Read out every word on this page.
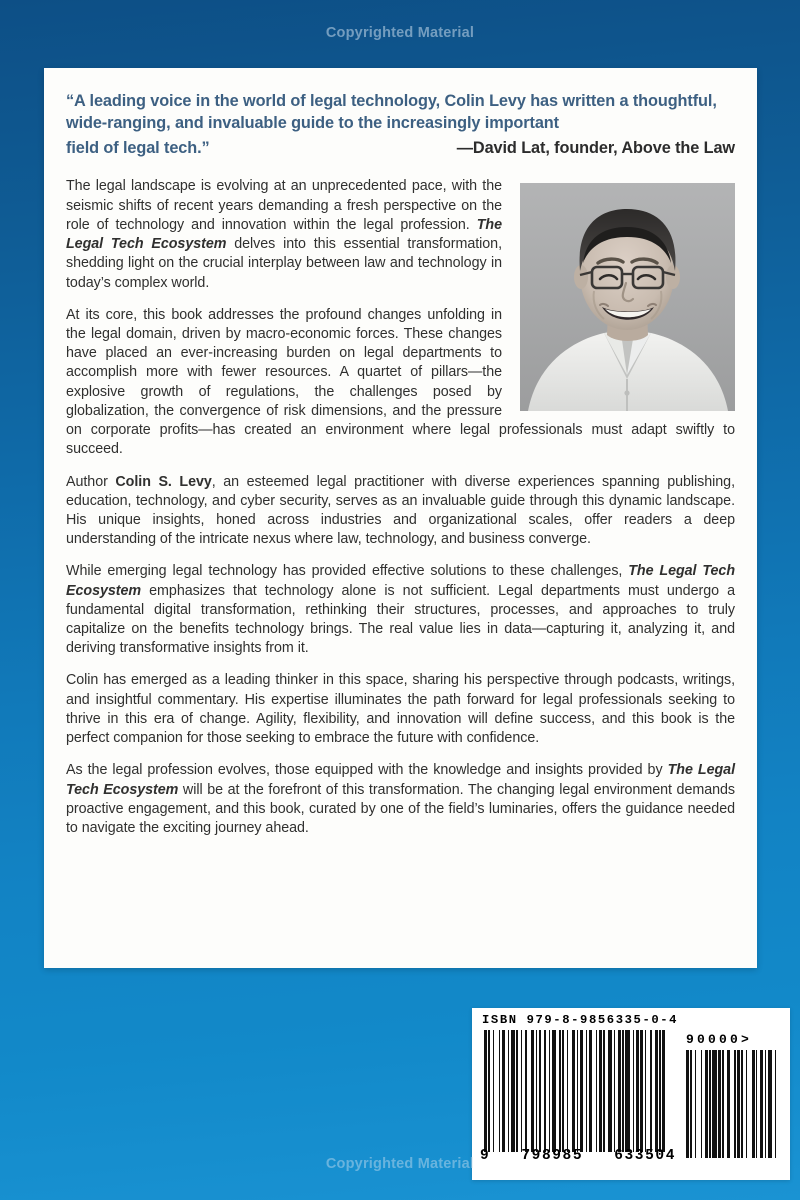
Copyrighted Material
“A leading voice in the world of legal technology, Colin Levy has written a thoughtful, wide-ranging, and invaluable guide to the increasingly important
field of legal tech.”	—David Lat, founder, Above the Law

The legal landscape is evolving at an unprecedented pace, with the seismic shifts of recent years demanding a fresh perspective on the role of technology and innovation within the legal profession. The Legal Tech Ecosystem delves into this essential transformation, shedding light on the crucial interplay between law and technology in today’s complex world.

At its core, this book addresses the profound changes unfolding in the legal domain, driven by macro-economic forces. These changes have placed an ever-increasing burden on legal departments to accomplish more with fewer resources. A quartet of pillars—the explosive growth of regulations, the challenges posed by globalization, the convergence of risk dimensions, and the pressure on corporate profits—has created an environment where legal professionals must adapt swiftly to succeed.

Author Colin S. Levy, an esteemed legal practitioner with diverse experiences spanning publishing, education, technology, and cyber security, serves as an invaluable guide through this dynamic landscape. His unique insights, honed across industries and organizational scales, offer readers a deep understanding of the intricate nexus where law, technology, and business converge.

While emerging legal technology has provided effective solutions to these challenges, The Legal Tech Ecosystem emphasizes that technology alone is not sufficient. Legal departments must undergo a fundamental digital transformation, rethinking their structures, processes, and approaches to truly capitalize on the benefits technology brings. The real value lies in data—capturing it, analyzing it, and deriving transformative insights from it.

Colin has emerged as a leading thinker in this space, sharing his perspective through podcasts, writings, and insightful commentary. His expertise illuminates the path forward for legal professionals seeking to thrive in this era of change. Agility, flexibility, and innovation will define success, and this book is the perfect companion for those seeking to embrace the future with confidence.

As the legal profession evolves, those equipped with the knowledge and insights provided by The Legal Tech Ecosystem will be at the forefront of this transformation. The changing legal environment demands proactive engagement, and this book, curated by one of the field’s luminaries, offers the guidance needed to navigate the exciting journey ahead.

ISBN 979-8-9856335-0-4
90000>
9 798985 633504
Copyrighted Material
